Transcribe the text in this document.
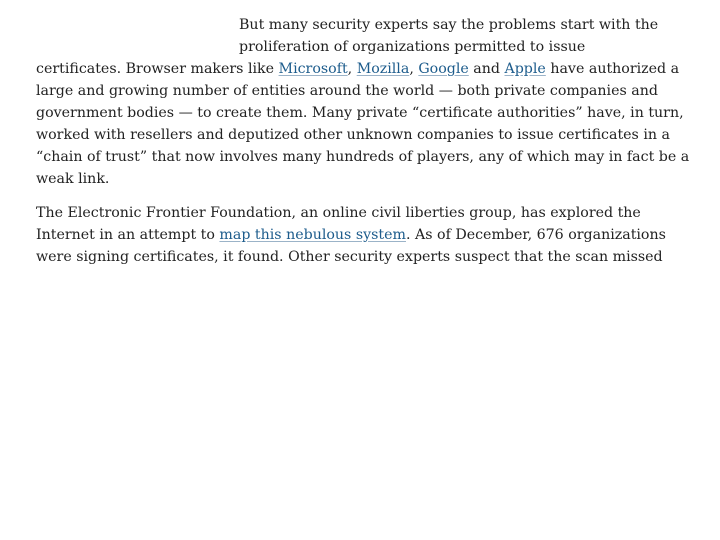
But many security experts say the problems start with the
proliferation of organizations permitted to issue
certificates. Browser makers like Microsoft, Mozilla, Google and Apple have authorized a
large and growing number of entities around the world — both private companies and
government bodies — to create them. Many private “certificate authorities” have, in turn,
worked with resellers and deputized other unknown companies to issue certificates in a
“chain of trust” that now involves many hundreds of players, any of which may in fact be a
weak link.

The Electronic Frontier Foundation, an online civil liberties group, has explored the
Internet in an attempt to map this nebulous system. As of December, 676 organizations
were signing certificates, it found. Other security experts suspect that the scan missed
